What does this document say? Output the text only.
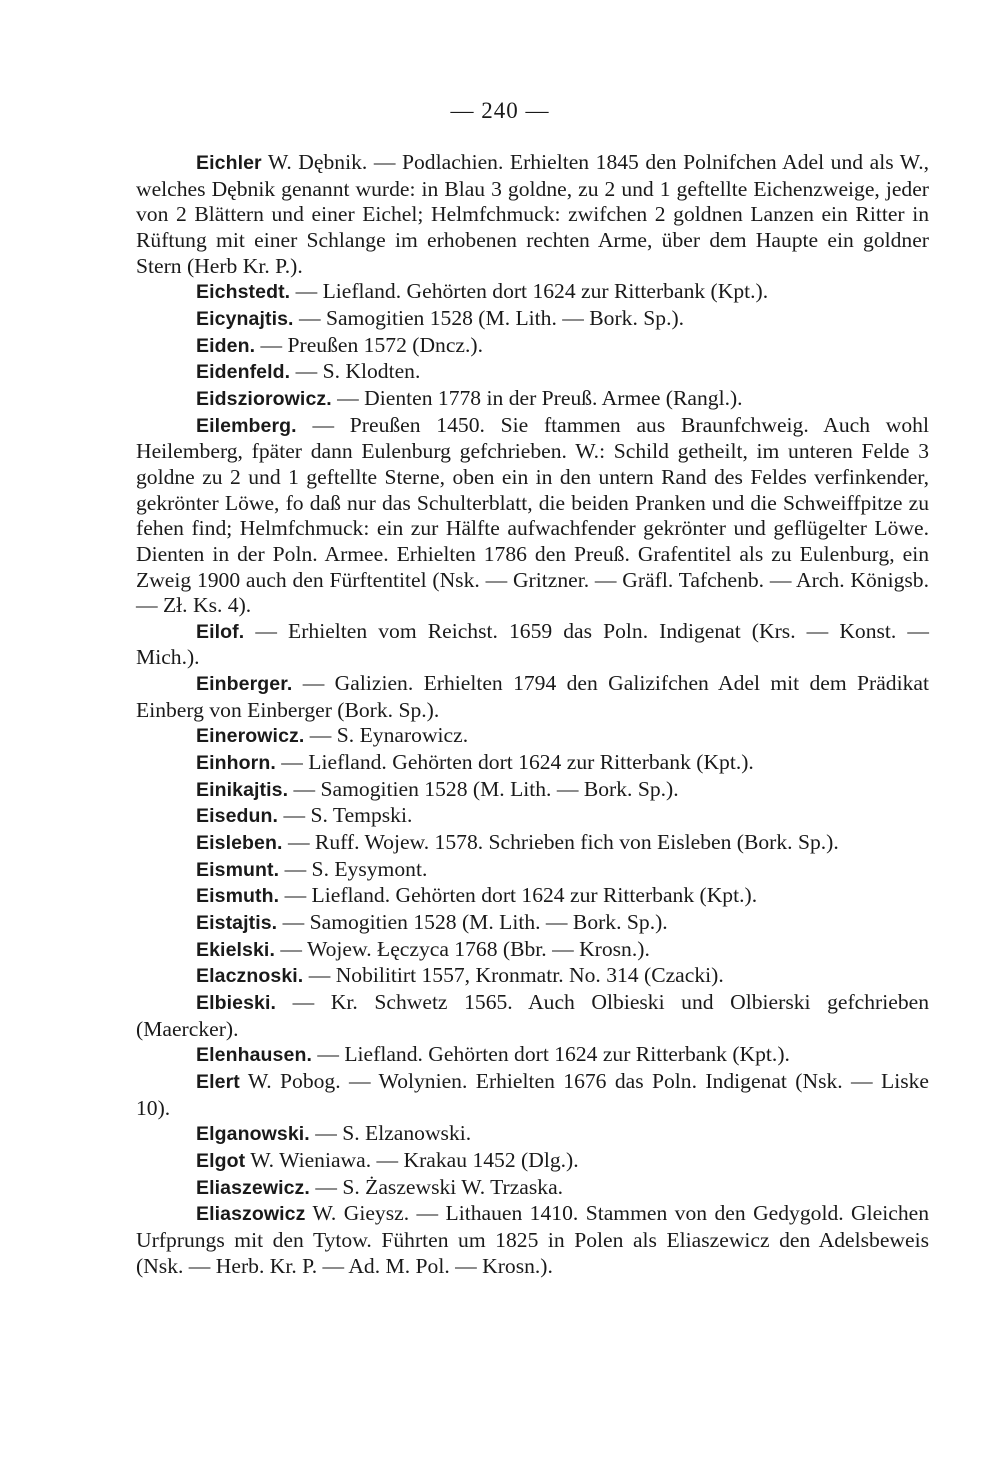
— 240 —

Eichler W. Dębnik. — Podlachien. Erhielten 1845 den Polnifchen Adel und als W., welches Dębnik genannt wurde: in Blau 3 goldne, zu 2 und 1 geftellte Eichenzweige, jeder von 2 Blättern und einer Eichel; Helmfchmuck: zwifchen 2 goldnen Lanzen ein Ritter in Rüftung mit einer Schlange im erhobenen rechten Arme, über dem Haupte ein goldner Stern (Herb Kr. P.).

Eichstedt. — Liefland. Gehörten dort 1624 zur Ritterbank (Kpt.).

Eicynajtis. — Samogitien 1528 (M. Lith. — Bork. Sp.).

Eiden. — Preußen 1572 (Dncz.).

Eidenfeld. — S. Klodten.

Eidsziorowicz. — Dienten 1778 in der Preuß. Armee (Rangl.).

Eilemberg. — Preußen 1450. Sie ftammen aus Braunfchweig. Auch wohl Heilemberg, fpäter dann Eulenburg gefchrieben. W.: Schild getheilt, im unteren Felde 3 goldne zu 2 und 1 geftellte Sterne, oben ein in den untern Rand des Feldes verfinkender, gekrönter Löwe, fo daß nur das Schulterblatt, die beiden Pranken und die Schweiffpitze zu fehen find; Helmfchmuck: ein zur Hälfte aufwachfender gekrönter und geflügelter Löwe. Dienten in der Poln. Armee. Erhielten 1786 den Preuß. Grafentitel als zu Eulenburg, ein Zweig 1900 auch den Fürftentitel (Nsk. — Gritzner. — Gräfl. Tafchenb. — Arch. Königsb. — Zł. Ks. 4).

Eilof. — Erhielten vom Reichst. 1659 das Poln. Indigenat (Krs. — Konst. — Mich.).

Einberger. — Galizien. Erhielten 1794 den Galizifchen Adel mit dem Prädikat Einberg von Einberger (Bork. Sp.).

Einerowicz. — S. Eynarowicz.

Einhorn. — Liefland. Gehörten dort 1624 zur Ritterbank (Kpt.).

Einikajtis. — Samogitien 1528 (M. Lith. — Bork. Sp.).

Eisedun. — S. Tempski.

Eisleben. — Ruff. Wojew. 1578. Schrieben fich von Eisleben (Bork. Sp.).

Eismunt. — S. Eysymont.

Eismuth. — Liefland. Gehörten dort 1624 zur Ritterbank (Kpt.).

Eistajtis. — Samogitien 1528 (M. Lith. — Bork. Sp.).

Ekielski. — Wojew. Łęczyca 1768 (Bbr. — Krosn.).

Elacznoski. — Nobilitirt 1557, Kronmatr. No. 314 (Czacki).

Elbieski. — Kr. Schwetz 1565. Auch Olbieski und Olbierski gefchrieben (Maercker).

Elenhausen. — Liefland. Gehörten dort 1624 zur Ritterbank (Kpt.).

Elert W. Pobog. — Wolynien. Erhielten 1676 das Poln. Indigenat (Nsk. — Liske 10).

Elganowski. — S. Elzanowski.

Elgot W. Wieniawa. — Krakau 1452 (Dlg.).

Eliaszewicz. — S. Żaszewski W. Trzaska.

Eliaszowicz W. Gieysz. — Lithauen 1410. Stammen von den Gedygold. Gleichen Urfprungs mit den Tytow. Führten um 1825 in Polen als Eliaszewicz den Adelsbeweis (Nsk. — Herb. Kr. P. — Ad. M. Pol. — Krosn.).
